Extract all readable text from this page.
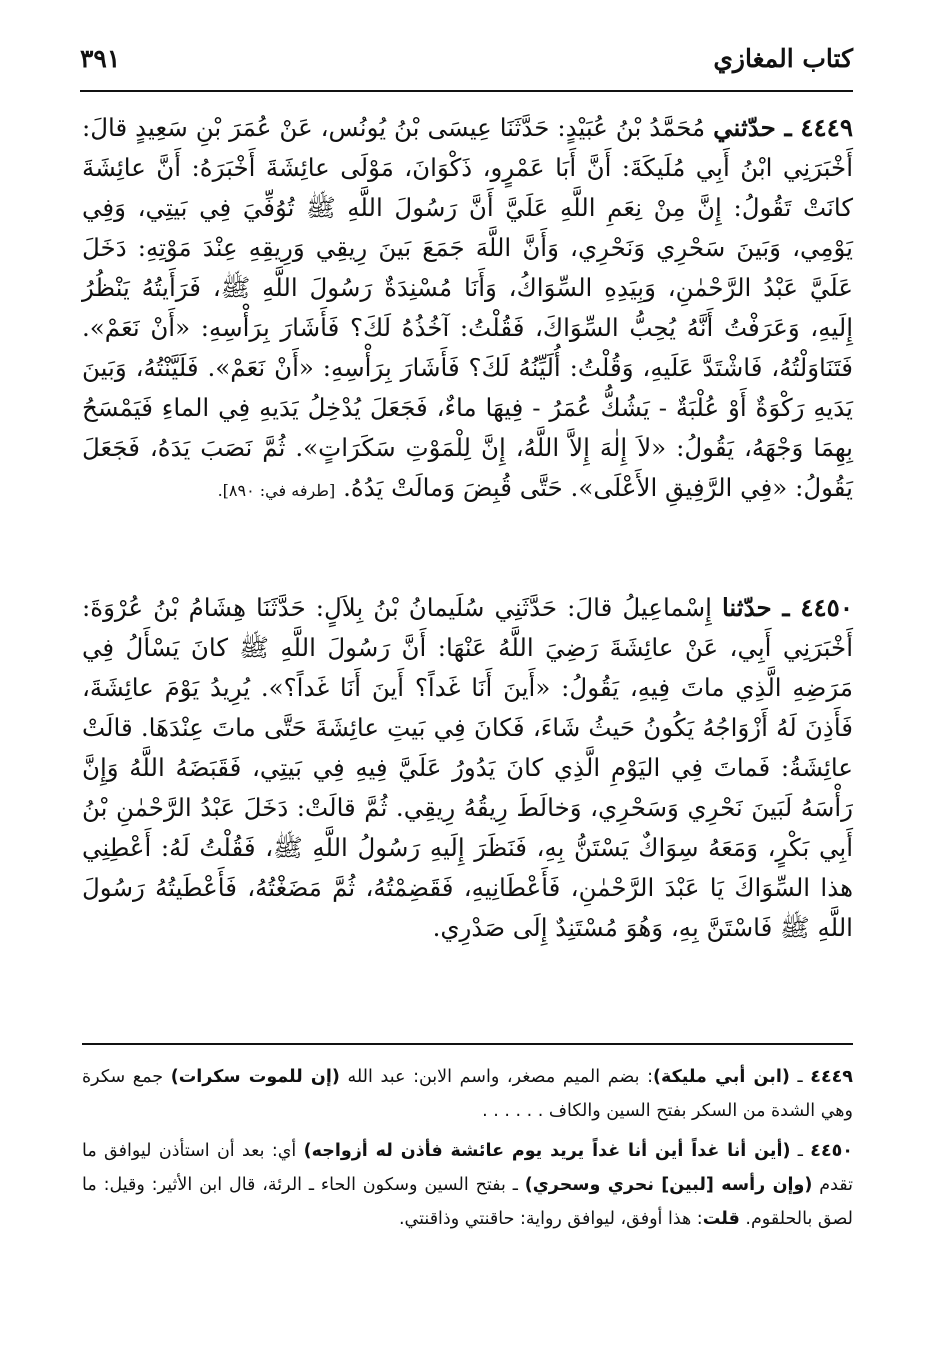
كتاب المغازي
٣٩١
٤٤٤٩ ـ حدّثني مُحَمَّدُ بْنُ عُبَيْدٍ: حَدَّثَنَا عِيسَى بْنُ يُونُس، عَنْ عُمَرَ بْنِ سَعِيدٍ قالَ: أَخْبَرَنِي ابْنُ أَبِي مُلَيكَةَ: أَنَّ أَبَا عَمْرٍو، ذَكْوَانَ، مَوْلَى عائِشَةَ أَخْبَرَهُ: أَنَّ عائِشَةَ كانَتْ تَقُولُ: إِنَّ مِنْ نِعَمِ اللَّهِ عَلَيَّ أَنَّ رَسُولَ اللَّهِ ﷺ تُوُفِّيَ فِي بَيتِي، وَفِي يَوْمِي، وَبَينَ سَحْرِي وَنَحْرِي، وَأَنَّ اللَّهَ جَمَعَ بَينَ رِيقِي وَرِيقِهِ عِنْدَ مَوْتِهِ: دَخَلَ عَلَيَّ عَبْدُ الرَّحْمٰنِ، وَبِيَدِهِ السِّوَاكُ، وَأَنَا مُسْنِدَةٌ رَسُولَ اللَّهِ ﷺ، فَرَأَيتُهُ يَنْظُرُ إِلَيهِ، وَعَرَفْتُ أَنَّهُ يُحِبُّ السِّوَاكَ، فَقُلْتُ: آخُذُهُ لَكَ؟ فَأَشَارَ بِرَأْسِهِ: «أَنْ نَعَمْ». فَتَنَاوَلْتُهُ، فَاشْتَدَّ عَلَيهِ، وَقُلْتُ: أُلَيِّنُهُ لَكَ؟ فَأَشَارَ بِرَأْسِهِ: «أَنْ نَعَمْ». فَلَيَّنْتُهُ، وَبَينَ يَدَيهِ رَكْوَةٌ أَوْ عُلْبَةٌ - يَشُكُّ عُمَرُ - فِيهَا ماءٌ، فَجَعَلَ يُدْخِلُ يَدَيهِ فِي الماءِ فَيَمْسَحُ بِهِمَا وَجْهَهُ، يَقُولُ: «لاَ إِلٰهَ إِلاَّ اللَّهُ، إِنَّ لِلْمَوْتِ سَكَرَاتٍ». ثُمَّ نَصَبَ يَدَهُ، فَجَعَلَ يَقُولُ: «فِي الرَّفِيقِ الأَعْلَى». حَتَّى قُبِضَ وَمالَتْ يَدُهُ. [طرفه في: ٨٩٠].
٤٤٥٠ ـ حدّثنا إِسْماعِيلُ قالَ: حَدَّثَنِي سُلَيمانُ بْنُ بِلاَلٍ: حَدَّثَنَا هِشَامُ بْنُ عُرْوَةَ: أَخْبَرَنِي أَبِي، عَنْ عائِشَةَ رَضِيَ اللَّهُ عَنْهَا: أَنَّ رَسُولَ اللَّهِ ﷺ كانَ يَسْأَلُ فِي مَرَضِهِ الَّذِي ماتَ فِيهِ، يَقُولُ: «أَينَ أَنَا غَداً؟ أَينَ أَنَا غَداً؟». يُرِيدُ يَوْمَ عائِشَةَ، فَأَذِنَ لَهُ أَزْوَاجُهُ يَكُونُ حَيثُ شَاءَ، فَكانَ فِي بَيتِ عائِشَةَ حَتَّى ماتَ عِنْدَهَا. قالَتْ عائِشَةُ: فَماتَ فِي اليَوْمِ الَّذِي كانَ يَدُورُ عَلَيَّ فِيهِ فِي بَيتِي، فَقَبَضَهُ اللَّهُ وَإِنَّ رَأْسَهُ لَبَينَ نَحْرِي وَسَحْرِي، وَخالَطَ رِيقُهُ رِيقِي. ثُمَّ قالَتْ: دَخَلَ عَبْدُ الرَّحْمٰنِ بْنُ أَبِي بَكْرٍ، وَمَعَهُ سِوَاكٌ يَسْتَنُّ بِهِ، فَنَظَرَ إِلَيهِ رَسُولُ اللَّهِ ﷺ، فَقُلْتُ لَهُ: أَعْطِنِي هذا السِّوَاكَ يَا عَبْدَ الرَّحْمٰنِ، فَأَعْطَانِيهِ، فَقَضِمْتُهُ، ثُمَّ مَضَغْتُهُ، فَأَعْطَيتُهُ رَسُولَ اللَّهِ ﷺ فَاسْتَنَّ بِهِ، وَهُوَ مُسْتَنِدٌ إِلَى صَدْرِي.

٤٤٤٩ ـ (ابن أبي مليكة): بضم الميم مصغر، واسم الابن: عبد الله (إن للموت سكرات) جمع سكرة وهي الشدة من السكر بفتح السين والكاف . . . . . .

٤٤٥٠ ـ (أين أنا غداً أين أنا غداً يريد يوم عائشة فأذن له أزواجه) أي: بعد أن استأذن ليوافق ما تقدم (وإن رأسه [لبين] نحري وسحري) ـ بفتح السين وسكون الحاء ـ الرئة، قال ابن الأثير: وقيل: ما لصق بالحلقوم. قلت: هذا أوفق، ليوافق رواية: حاقنتي وذاقنتي.
